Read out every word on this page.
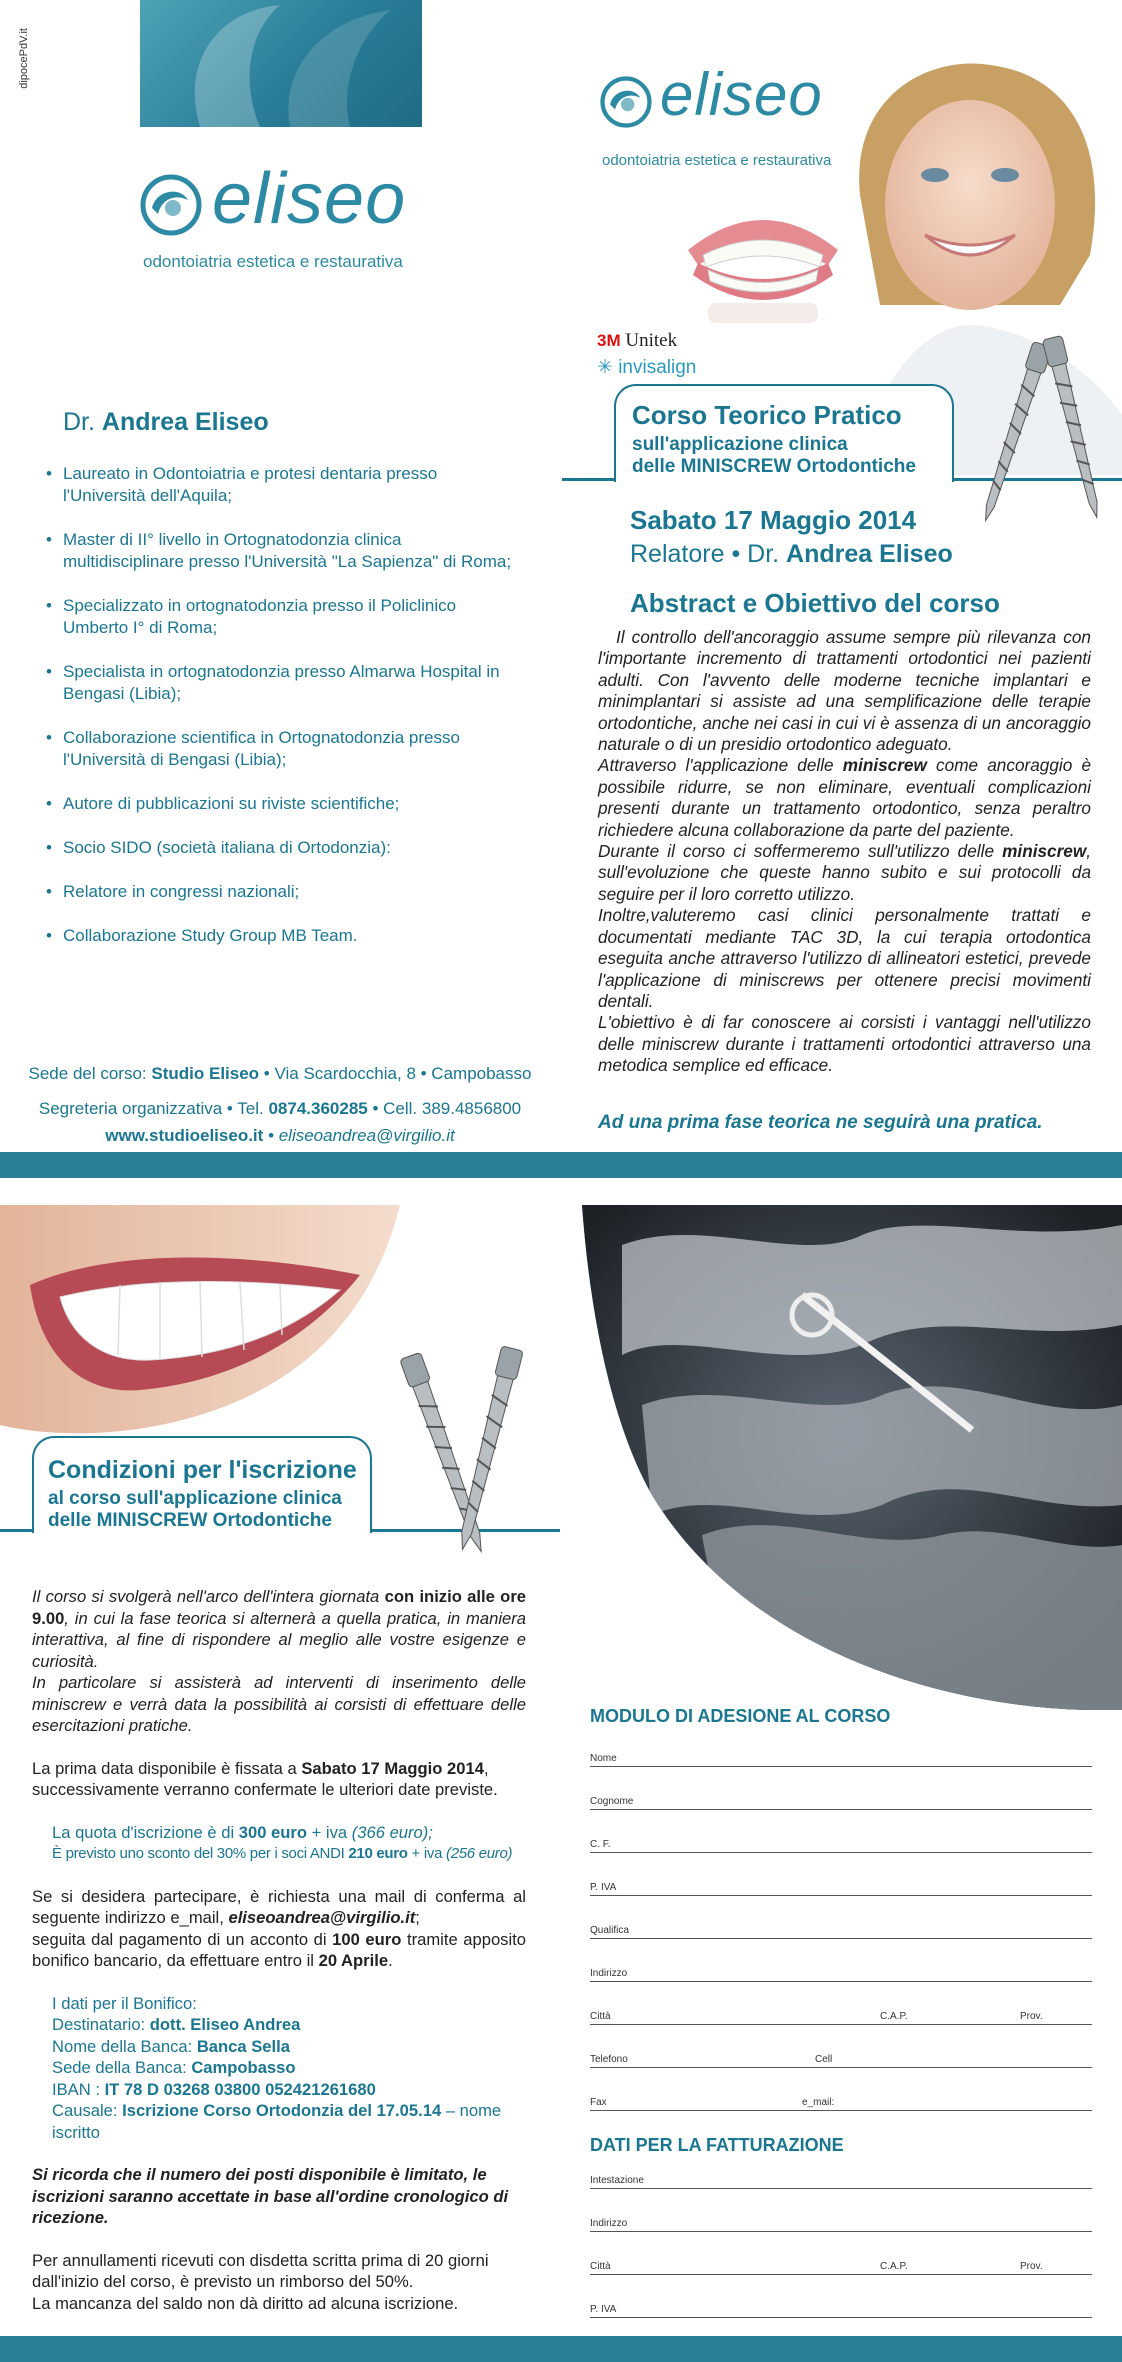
dipocePdV.it
eliseo
odontoiatria estetica e restaurativa
Dr. Andrea Eliseo
• Laureato in Odontoiatria e protesi dentaria presso l'Università dell'Aquila;
• Master di II° livello in Ortognatodonzia clinica multidisciplinare presso l'Università "La Sapienza" di Roma;
• Specializzato in ortognatodonzia presso il Policlinico Umberto I° di Roma;
• Specialista in ortognatodonzia presso Almarwa Hospital in Bengasi (Libia);
• Collaborazione scientifica in Ortognatodonzia presso l'Università di Bengasi (Libia);
• Autore di pubblicazioni su riviste scientifiche;
• Socio SIDO (società italiana di Ortodonzia):
• Relatore in congressi nazionali;
• Collaborazione Study Group MB Team.
Sede del corso: Studio Eliseo • Via Scardocchia, 8 • Campobasso
Segreteria organizzativa • Tel. 0874.360285 • Cell. 389.4856800
www.studioeliseo.it • eliseoandrea@virgilio.it
eliseo
odontoiatria estetica e restaurativa
3M Unitek
✳ invisalign
Corso Teorico Pratico
sull'applicazione clinica
delle MINISCREW Ortodontiche
Sabato 17 Maggio 2014
Relatore • Dr. Andrea Eliseo
Abstract e Obiettivo del corso
Il controllo dell'ancoraggio assume sempre più rilevanza con l'importante incremento di trattamenti ortodontici nei pazienti adulti. Con l'avvento delle moderne tecniche implantari e minimplantari si assiste ad una semplificazione delle terapie ortodontiche, anche nei casi in cui vi è assenza di un ancoraggio naturale o di un presidio ortodontico adeguato.
Attraverso l'applicazione delle miniscrew come ancoraggio è possibile ridurre, se non eliminare, eventuali complicazioni presenti durante un trattamento ortodontico, senza peraltro richiedere alcuna collaborazione da parte del paziente.
Durante il corso ci soffermeremo sull'utilizzo delle miniscrew, sull'evoluzione che queste hanno subito e sui protocolli da seguire per il loro corretto utilizzo.
Inoltre,valuteremo casi clinici personalmente trattati e documentati mediante TAC 3D, la cui terapia ortodontica eseguita anche attraverso l'utilizzo di allineatori estetici, prevede l'applicazione di miniscrews per ottenere precisi movimenti dentali.
L'obiettivo è di far conoscere ai corsisti i vantaggi nell'utilizzo delle miniscrew durante i trattamenti ortodontici attraverso una metodica semplice ed efficace.
Ad una prima fase teorica ne seguirà una pratica.
Condizioni per l'iscrizione
al corso sull'applicazione clinica
delle MINISCREW Ortodontiche
Il corso si svolgerà nell'arco dell'intera giornata con inizio alle ore 9.00, in cui la fase teorica si alternerà a quella pratica, in maniera interattiva, al fine di rispondere al meglio alle vostre esigenze e curiosità.
In particolare si assisterà ad interventi di inserimento delle miniscrew e verrà data la possibilità ai corsisti di effettuare delle esercitazioni pratiche.
La prima data disponibile è fissata a Sabato 17 Maggio 2014, successivamente verranno confermate le ulteriori date previste.
La quota d'iscrizione è di 300 euro + iva (366 euro);
È previsto uno sconto del 30% per i soci ANDI 210 euro + iva (256 euro)
Se si desidera partecipare, è richiesta una mail di conferma al seguente indirizzo e_mail, eliseoandrea@virgilio.it;
seguita dal pagamento di un acconto di 100 euro tramite apposito bonifico bancario, da effettuare entro il 20 Aprile.
I dati per il Bonifico:
Destinatario: dott. Eliseo Andrea
Nome della Banca: Banca Sella
Sede della Banca: Campobasso
IBAN : IT 78 D 03268 03800 052421261680
Causale: Iscrizione Corso Ortodonzia del 17.05.14 – nome iscritto
Si ricorda che il numero dei posti disponibile è limitato, le iscrizioni saranno accettate in base all'ordine cronologico di ricezione.
Per annullamenti ricevuti con disdetta scritta prima di 20 giorni dall'inizio del corso, è previsto un rimborso del 50%.
La mancanza del saldo non dà diritto ad alcuna iscrizione.
MODULO DI ADESIONE AL CORSO
Nome
Cognome
C. F.
P. IVA
Qualifica
Indirizzo
Città	C.A.P.	Prov.
Telefono	Cell
Fax	e_mail:
DATI PER LA FATTURAZIONE
Intestazione
Indirizzo
Città	C.A.P.	Prov.
P. IVA
